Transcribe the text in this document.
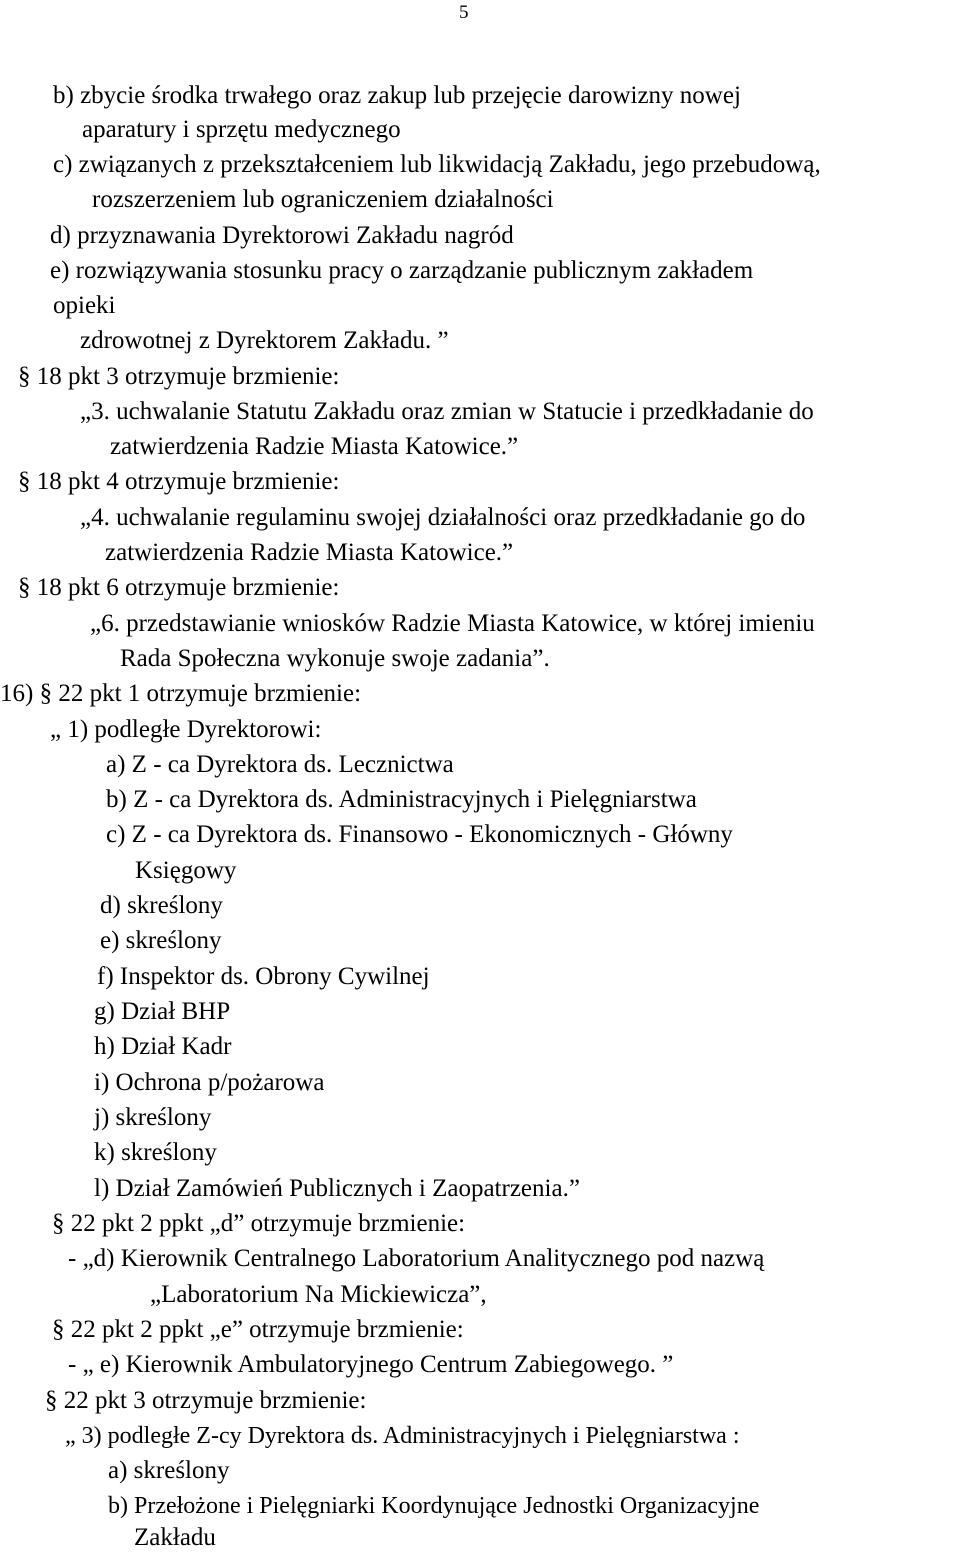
5
b) zbycie środka trwałego oraz zakup lub przejęcie darowizny nowej
aparatury i sprzętu medycznego
c) związanych z przekształceniem lub likwidacją Zakładu, jego przebudową,
rozszerzeniem lub ograniczeniem działalności
d) przyznawania Dyrektorowi Zakładu nagród
e) rozwiązywania stosunku pracy o zarządzanie publicznym zakładem
opieki
zdrowotnej z Dyrektorem Zakładu. ”
§ 18 pkt 3 otrzymuje brzmienie:
„3. uchwalanie Statutu Zakładu oraz zmian w Statucie i przedkładanie do
zatwierdzenia Radzie Miasta Katowice.”
§ 18 pkt 4 otrzymuje brzmienie:
„4. uchwalanie regulaminu swojej działalności oraz przedkładanie go do
zatwierdzenia Radzie Miasta Katowice.”
§ 18 pkt 6 otrzymuje brzmienie:
„6. przedstawianie wniosków Radzie Miasta Katowice, w której imieniu
Rada Społeczna wykonuje swoje zadania”.
16) § 22 pkt 1 otrzymuje brzmienie:
„ 1) podległe Dyrektorowi:
a) Z - ca Dyrektora ds. Lecznictwa
b) Z - ca Dyrektora ds. Administracyjnych i Pielęgniarstwa
c) Z - ca Dyrektora ds. Finansowo - Ekonomicznych - Główny
Księgowy
d) skreślony
e) skreślony
f) Inspektor ds. Obrony Cywilnej
g) Dział BHP
h) Dział Kadr
i) Ochrona p/pożarowa
j) skreślony
k) skreślony
l) Dział Zamówień Publicznych i Zaopatrzenia.”
§ 22 pkt 2 ppkt „d” otrzymuje brzmienie:
- „d) Kierownik Centralnego Laboratorium Analitycznego pod nazwą
„Laboratorium Na Mickiewicza”,
§ 22 pkt 2 ppkt „e” otrzymuje brzmienie:
- „ e) Kierownik Ambulatoryjnego Centrum Zabiegowego. ”
§ 22 pkt 3 otrzymuje brzmienie:
„ 3) podległe Z-cy Dyrektora ds. Administracyjnych i Pielęgniarstwa :
a) skreślony
b) Przełożone i Pielęgniarki Koordynujące Jednostki Organizacyjne
Zakładu
